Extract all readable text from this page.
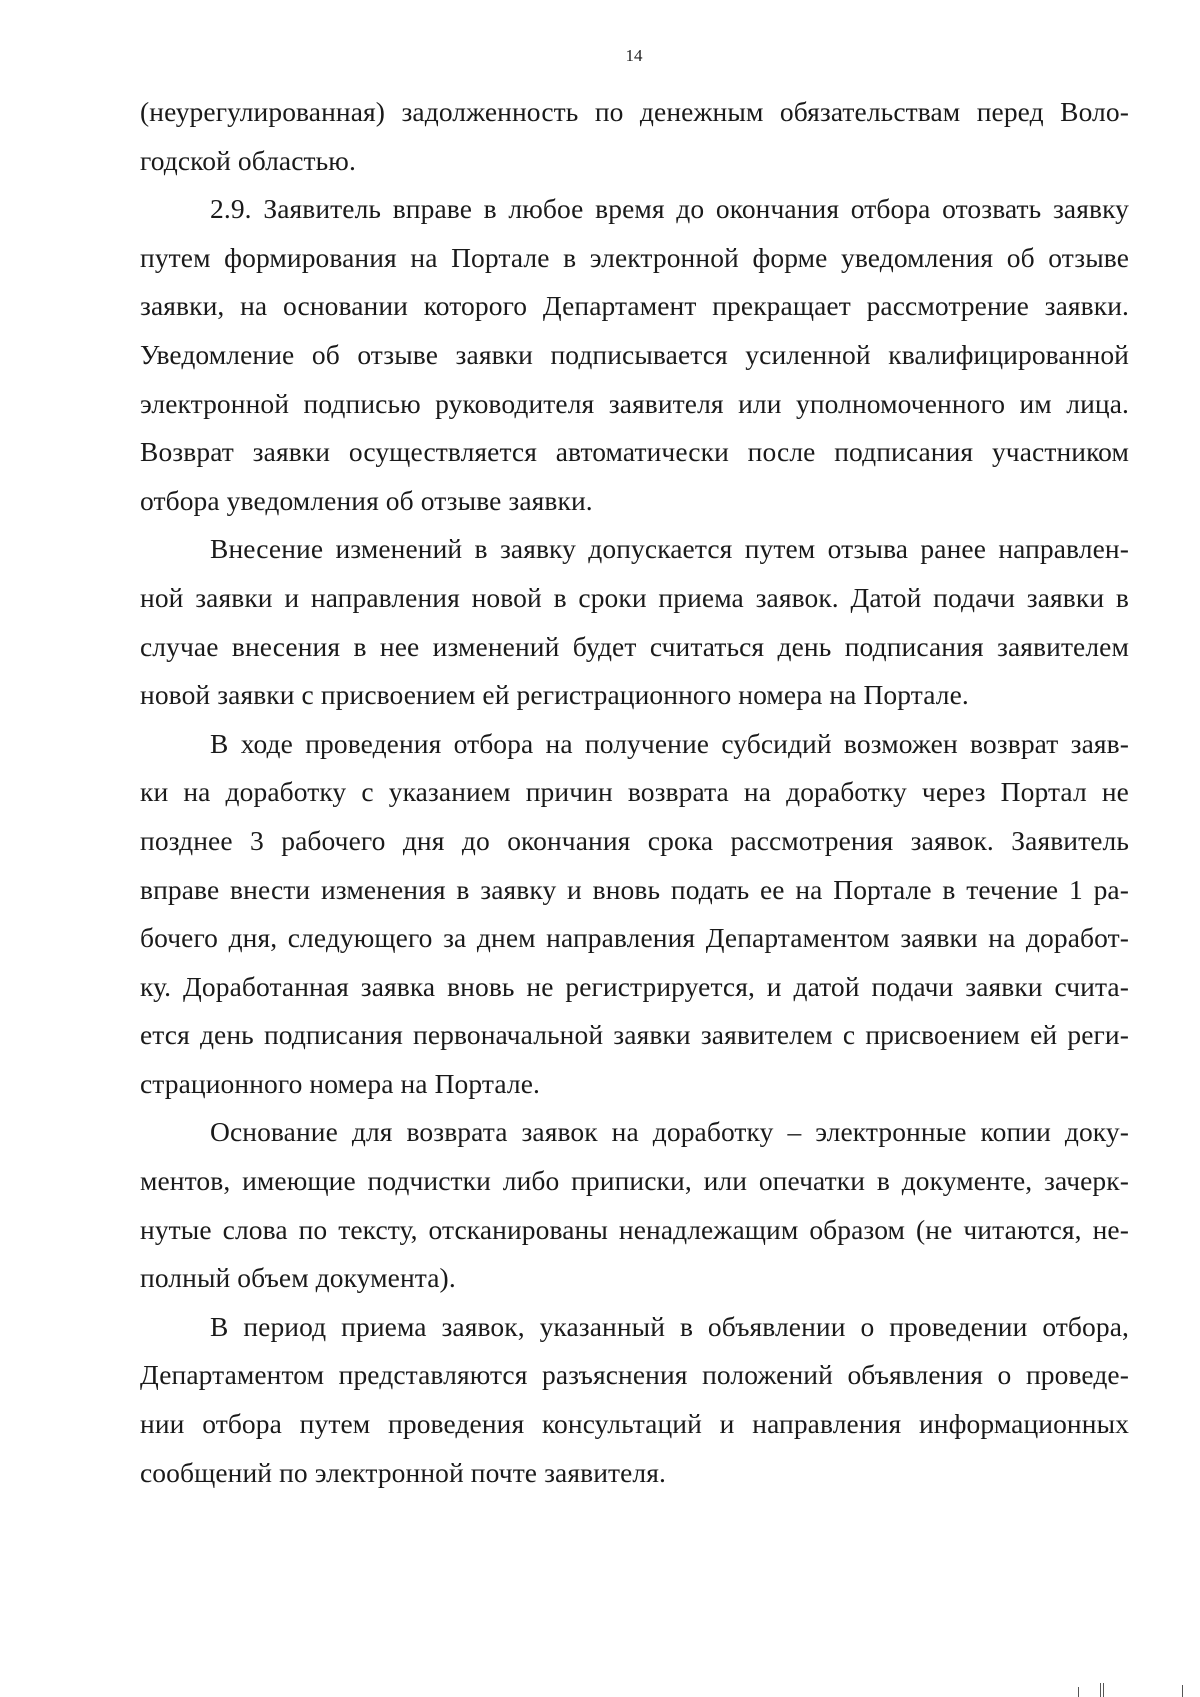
14

(неурегулированная) задолженность по денежным обязательствам перед Воло-
годской областью.

2.9. Заявитель вправе в любое время до окончания отбора отозвать заявку
путем формирования на Портале в электронной форме уведомления об отзыве
заявки, на основании которого Департамент прекращает рассмотрение заявки.
Уведомление об отзыве заявки подписывается усиленной квалифицированной
электронной подписью руководителя заявителя или уполномоченного им лица.
Возврат заявки осуществляется автоматически после подписания участником
отбора уведомления об отзыве заявки.

Внесение изменений в заявку допускается путем отзыва ранее направлен-
ной заявки и направления новой в сроки приема заявок. Датой подачи заявки в
случае внесения в нее изменений будет считаться день подписания заявителем
новой заявки с присвоением ей регистрационного номера на Портале.

В ходе проведения отбора на получение субсидий возможен возврат заяв-
ки на доработку с указанием причин возврата на доработку через Портал не
позднее 3 рабочего дня до окончания срока рассмотрения заявок. Заявитель
вправе внести изменения в заявку и вновь подать ее на Портале в течение 1 ра-
бочего дня, следующего за днем направления Департаментом заявки на доработ-
ку. Доработанная заявка вновь не регистрируется, и датой подачи заявки счита-
ется день подписания первоначальной заявки заявителем с присвоением ей реги-
страционного номера на Портале.

Основание для возврата заявок на доработку – электронные копии доку-
ментов, имеющие подчистки либо приписки, или опечатки в документе, зачерк-
нутые слова по тексту, отсканированы ненадлежащим образом (не читаются, не-
полный объем документа).

В период приема заявок, указанный в объявлении о проведении отбора,
Департаментом представляются разъяснения положений объявления о проведе-
нии отбора путем проведения консультаций и направления информационных
сообщений по электронной почте заявителя.
